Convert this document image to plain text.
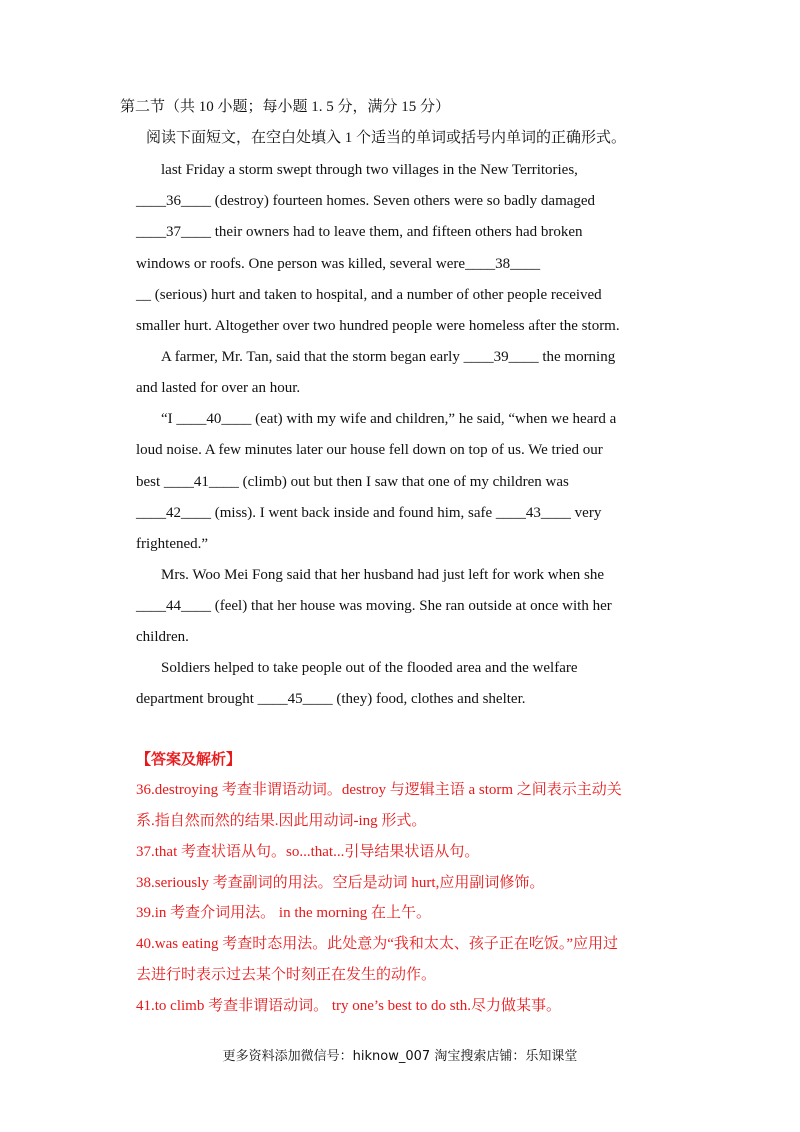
第二节（共 10 小题；每小题 1. 5 分，满分 15 分）
阅读下面短文，在空白处填入 1 个适当的单词或括号内单词的正确形式。
last Friday a storm swept through two villages in the New Territories,
____36____ (destroy) fourteen homes. Seven others were so badly damaged
____37____ their owners had to leave them, and fifteen others had broken
windows or roofs. One person was killed, several were____38____
__ (serious) hurt and taken to hospital, and a number of other people received
smaller hurt. Altogether over two hundred people were homeless after the storm.
A farmer, Mr. Tan, said that the storm began early ____39____ the morning
and lasted for over an hour.
“I ____40____ (eat) with my wife and children,” he said, “when we heard a
loud noise. A few minutes later our house fell down on top of us. We tried our
best ____41____ (climb) out but then I saw that one of my children was
____42____ (miss). I went back inside and found him, safe ____43____ very
frightened.”
Mrs. Woo Mei Fong said that her husband had just left for work when she
____44____ (feel) that her house was moving. She ran outside at once with her
children.
Soldiers helped to take people out of the flooded area and the welfare
department brought ____45____ (they) food, clothes and shelter.
【答案及解析】
36.destroying 考查非谓语动词。destroy 与逻辑主语 a storm 之间表示主动关
系.指自然而然的结果.因此用动词-ing 形式。
37.that 考查状语从句。so...that...引导结果状语从句。
38.seriously 考查副词的用法。空后是动词 hurt,应用副词修饰。
39.in 考查介词用法。 in the morning 在上午。
40.was eating 考查时态用法。此处意为“我和太太、孩子正在吃饭。”应用过
去进行时表示过去某个时刻正在发生的动作。
41.to climb 考查非谓语动词。 try one’s best to do sth.尽力做某事。
更多资料添加微信号：hiknow_007 淘宝搜索店铺：乐知课堂
